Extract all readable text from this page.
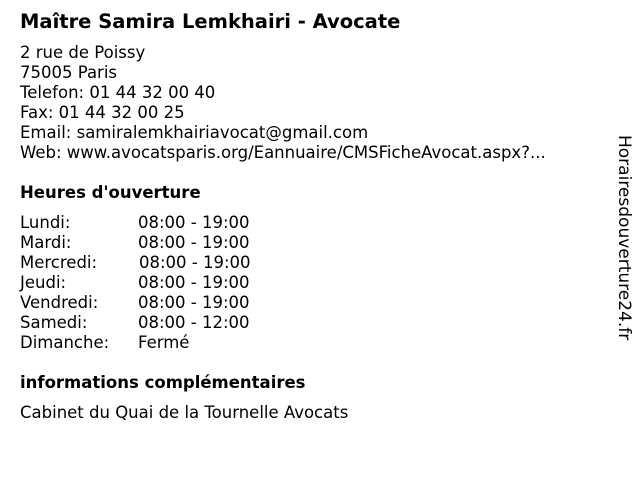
Maître Samira Lemkhairi - Avocate
2 rue de Poissy
75005 Paris
Telefon: 01 44 32 00 40
Fax: 01 44 32 00 25
Email: samiralemkhairiavocat@gmail.com
Web: www.avocatsparis.org/Eannuaire/CMSFicheAvocat.aspx?...
Heures d'ouverture
Lundi:	08:00 - 19:00
Mardi:	08:00 - 19:00
Mercredi:	08:00 - 19:00
Jeudi:	08:00 - 19:00
Vendredi: 08:00 - 19:00
Samedi:	08:00 - 12:00
Dimanche: Fermé
informations complémentaires
Cabinet du Quai de la Tournelle Avocats
Horairesdouverture24.fr
